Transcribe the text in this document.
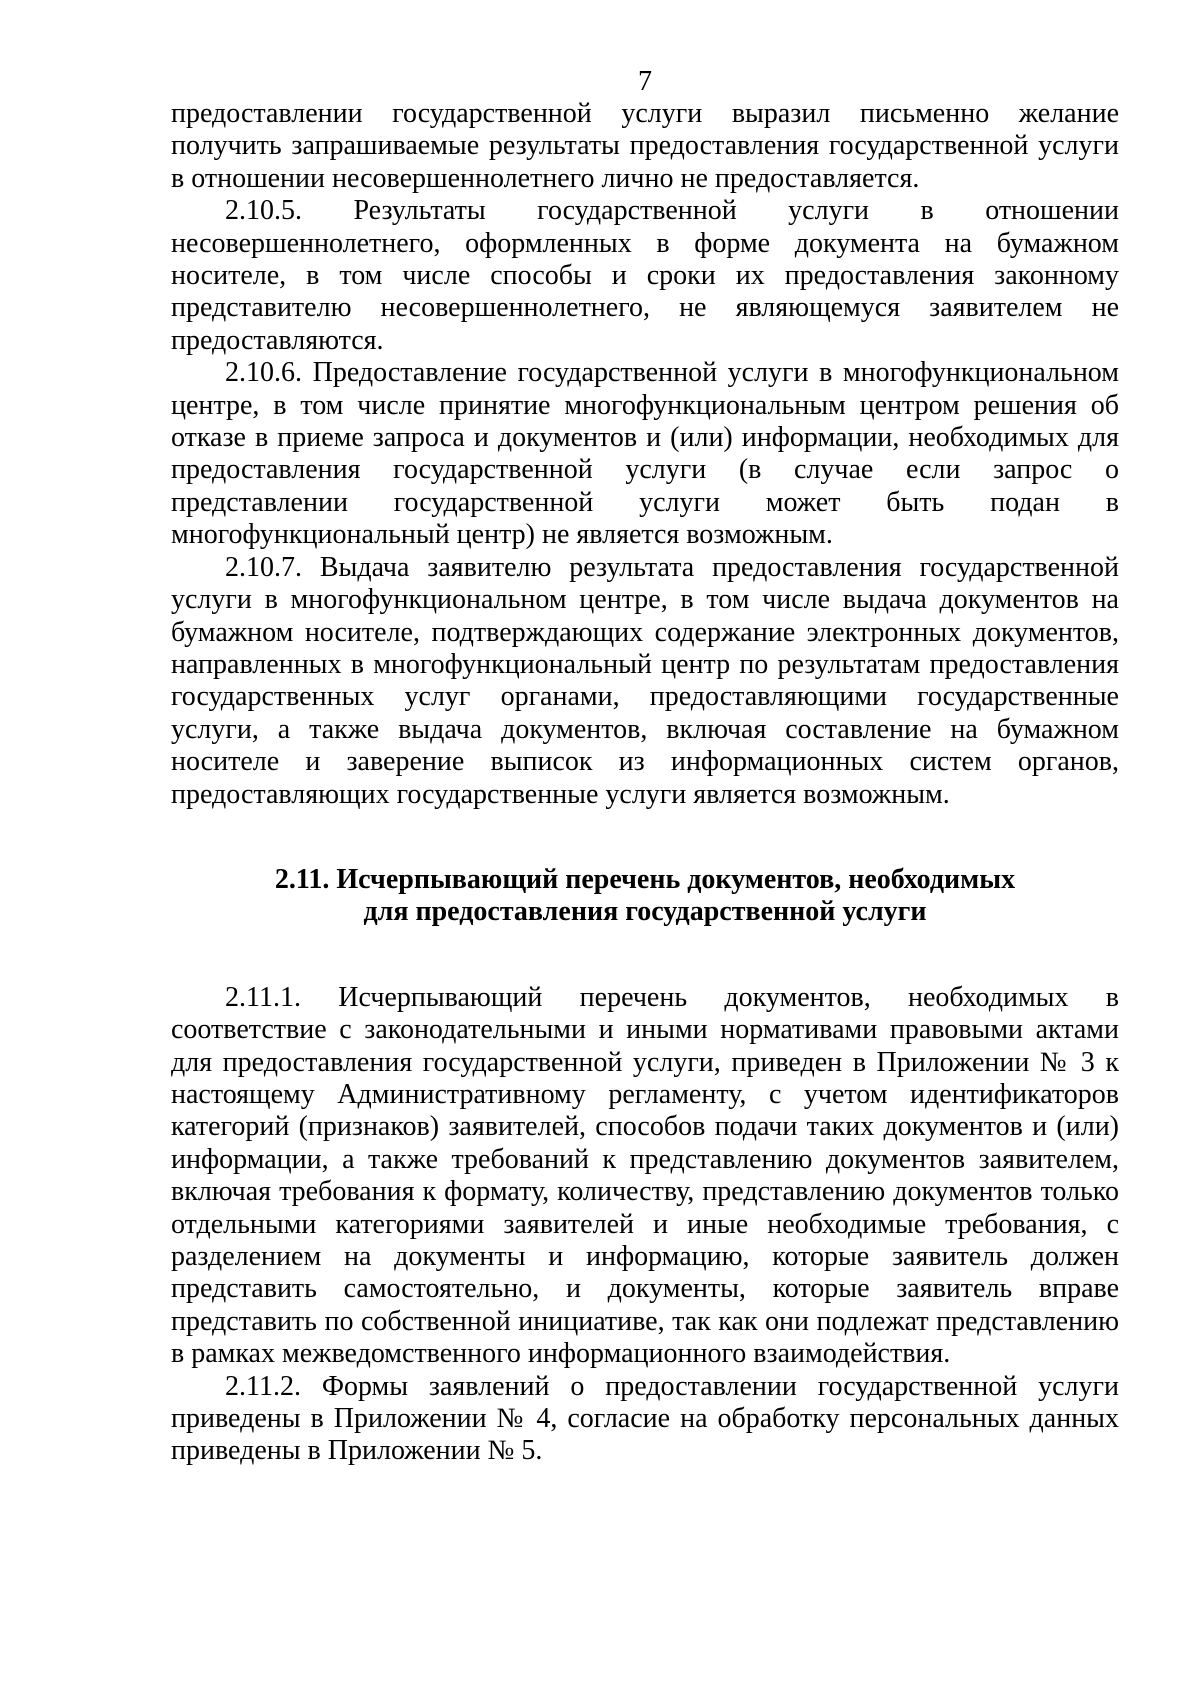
7

предоставлении государственной услуги выразил письменно желание получить запрашиваемые результаты предоставления государственной услуги в отношении несовершеннолетнего лично не предоставляется.

2.10.5. Результаты государственной услуги в отношении несовершеннолетнего, оформленных в форме документа на бумажном носителе, в том числе способы и сроки их предоставления законному представителю несовершеннолетнего, не являющемуся заявителем не предоставляются.

2.10.6. Предоставление государственной услуги в многофункциональном центре, в том числе принятие многофункциональным центром решения об отказе в приеме запроса и документов и (или) информации, необходимых для предоставления государственной услуги (в случае если запрос о представлении государственной услуги может быть подан в многофункциональный центр) не является возможным.

2.10.7. Выдача заявителю результата предоставления государственной услуги в многофункциональном центре, в том числе выдача документов на бумажном носителе, подтверждающих содержание электронных документов, направленных в многофункциональный центр по результатам предоставления государственных услуг органами, предоставляющими государственные услуги, а также выдача документов, включая составление на бумажном носителе и заверение выписок из информационных систем органов, предоставляющих государственные услуги является возможным.

2.11. Исчерпывающий перечень документов, необходимых
для предоставления государственной услуги

2.11.1. Исчерпывающий перечень документов, необходимых в соответствие с законодательными и иными нормативами правовыми актами для предоставления государственной услуги, приведен в Приложении № 3 к настоящему Административному регламенту, с учетом идентификаторов категорий (признаков) заявителей, способов подачи таких документов и (или) информации, а также требований к представлению документов заявителем, включая требования к формату, количеству, представлению документов только отдельными категориями заявителей и иные необходимые требования, с разделением на документы и информацию, которые заявитель должен представить самостоятельно, и документы, которые заявитель вправе представить по собственной инициативе, так как они подлежат представлению в рамках межведомственного информационного взаимодействия.

2.11.2. Формы заявлений о предоставлении государственной услуги приведены в Приложении № 4, согласие на обработку персональных данных приведены в Приложении № 5.
